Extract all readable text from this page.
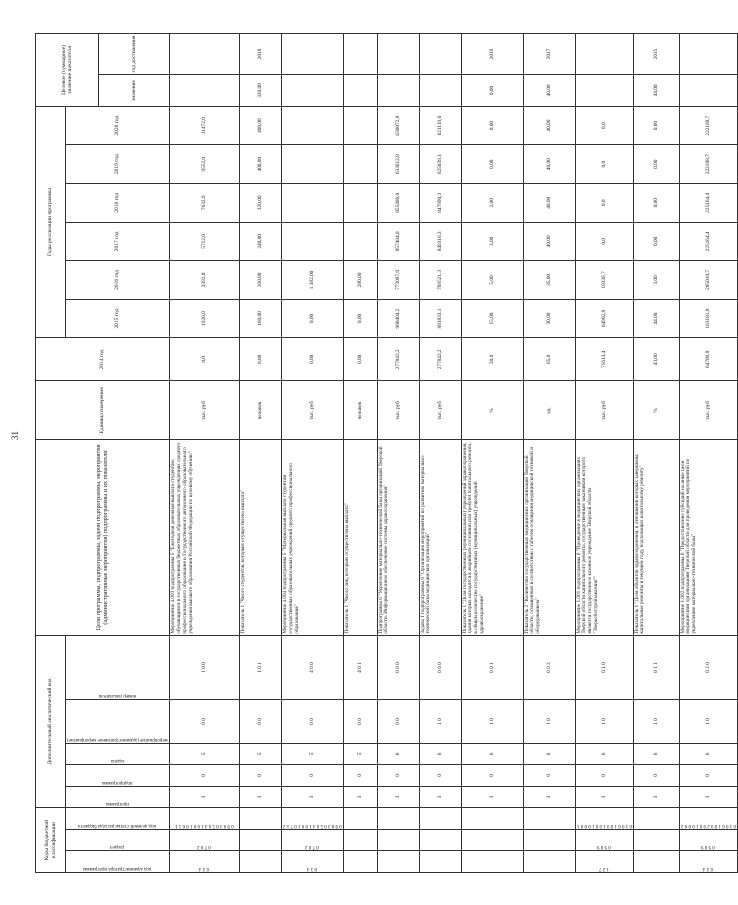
31
Коды бюджетной классификации			Дополнительный аналитический код					Цели программы, подпрограммы, задачи подпрограммы, мероприятия (административные мероприятия) подпрограммы и их показатели	Единица измерения	2014 год	Годы реализации программы						Целевое (суммарное) значение показателя	

код администратора программы	раздел	код целевой статьи расхода бюджета	программа	подпрограмма	задача	мероприятие (административное мероприятие)	номер показателя				2015 год	2016 год	2017 год	2018 год	2019 год	2020 год		
																	значение	год достижения

0 3 4	0 7 0 2	0 9 0 3 0 5 0 4 1 0 0 1 0 6 1 1	3	0	5	0 0	1 0 0	Мероприятие 4.003 подпрограммы 5 "Ежегодная денежная выплата студентам, обучающимся в государственных бюджетных образовательных учреждениях среднего профессионального образования и Государственного автономного образовательного учреждения высшего образования Российской Федерации по целевому обучению"	тыс. руб	0,0	1920,0	3392,0	5712,0	7632,0	9552,0	11472,0		

	3	0	5	0 0	1 0 1	Показатель 1 "Число студентов, которым осуществлена выплата"	человек	0,00	160,00	160,00	240,00	320,00	400,00	400,00	320,00	2018

0 3 4	0 7 0 2	0 9 0 3 0 5 0 4 1 0 0 1 0 7 1 2	3	0	5	0 0	4 0 0	Мероприятие 4.004 подпрограммы 5 "Материальная выплата студентам государственных образовательных учреждений среднего профессионального образования"	тыс. руб	0,00	0,00	1 382,00						

	3	0	5	0 0	4 0 1	Показатель 1 "Число лиц, которым осуществлена выплата"	человек	0,00	0,00	280,00						

	3	0	6	0 0	0 0 0	Подпрограмма 6 "Укрепление материально-технической базы организаций Тверской области. Информационное обеспечение системы здравоохранения"	тыс. руб	277842,2	900404,2	773097,0	857484,0	855496,0	633612,8	630072,8		

	3	0	6	1 0	0 0 0	Задача 1 подпрограммы 6 "Организация мероприятий по развитию материально-технической базы медицинских организаций"	тыс. руб	277842,2	881833,1	769521,3	849316,3	847990,3	625039,1	621119,0		

	3	0	6	1 0	0 0 1	Показатель 1 "Доля государственных (муниципальных) учреждений здравоохранения, здания которых находятся в аварийном состоянии или требуют капитального ремонта, в общем количестве государственных (муниципальных) учреждений здравоохранения"	%	20,0	15,00	5,00	3,00	2,00	0,00	0,00	0,00	2019

	3	0	6	1 0	0 0 2	Показатель 2 "Количество государственных медицинских организаций Тверской области, оснащенных в соответствии с табелем оснащения медицинской техникой и оборудованием"	ед.	65,0	30,00	35,00	40,00	40,00	40,00	40,00	40,00	2017

1 2 7	0 9 0 9	0 3 0 6 1 0 0 1 0 0 1 0 0 0 1	3	0	6	1 0	0 1 0	Мероприятие 1.001 подпрограммы 6 "Проведение в медицинских организациях Тверской области капитального ремонта, государственным заказчиком которого является государственное казенное учреждение Тверской области "Тверьоблстройзаказчик""	тыс. руб	71613,4	64902,8	18339,7	0,0	0,0	0,0	0,0		

	3	0	6	1 0	0 1 1	Показатель 1 "Доля объектов здравоохранения, в отношении которых завершены капитальные ремонты в текущем году, подлежащих капитальному ремонту"	%	43,00	44,00	3,00	0,00	0,00	0,00	0,00	44,00	2015

0 3 4	0 9 0 9	0 3 0 6 1 0 0 2 0 0 1 0 0 6 2	3	0	6	1 0	0 2 0	Мероприятие 1.002 подпрограммы 6 "Предоставление субсидий на иные цели медицинским организациям Тверской области для проведения мероприятий по укреплению материально-технической базы"	тыс. руб	64709,0	163181,0	205010,7	225164,4	225164,4	222188,7	222188,7		
